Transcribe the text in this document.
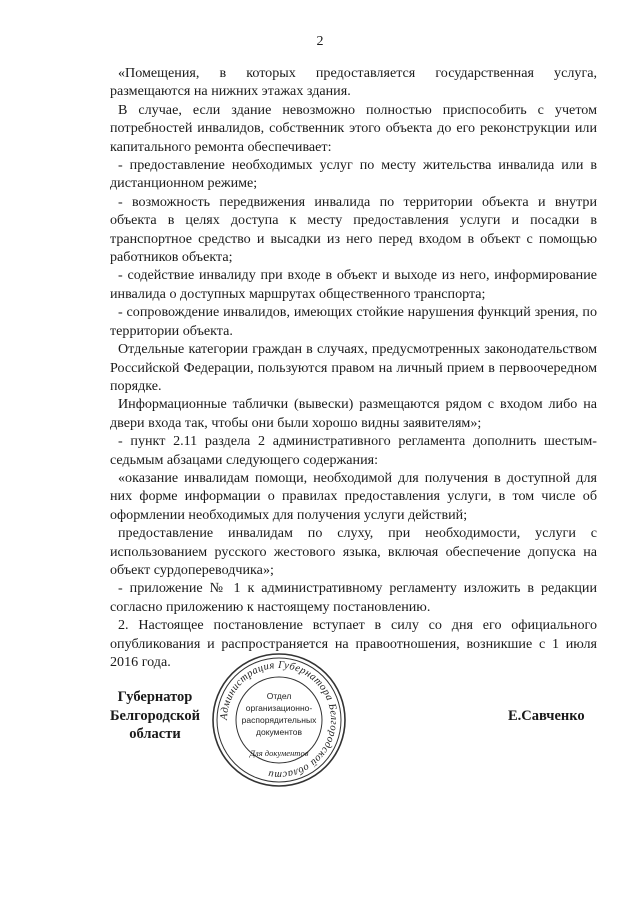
2

«Помещения, в которых предоставляется государственная услуга, размещаются на нижних этажах здания.

В случае, если здание невозможно полностью приспособить с учетом потребностей инвалидов, собственник этого объекта до его реконструкции или капитального ремонта обеспечивает:

- предоставление необходимых услуг по месту жительства инвалида или в дистанционном режиме;

- возможность передвижения инвалида по территории объекта и внутри объекта в целях доступа к месту предоставления услуги и посадки в транспортное средство и высадки из него перед входом в объект с помощью работников объекта;

- содействие инвалиду при входе в объект и выходе из него, информирование инвалида о доступных маршрутах общественного транспорта;

- сопровождение инвалидов, имеющих стойкие нарушения функций зрения, по территории объекта.

Отдельные категории граждан в случаях, предусмотренных законодательством Российской Федерации, пользуются правом на личный прием в первоочередном порядке.

Информационные таблички (вывески) размещаются рядом с входом либо на двери входа так, чтобы они были хорошо видны заявителям»;

- пункт 2.11 раздела 2 административного регламента дополнить шестым-седьмым абзацами следующего содержания:

«оказание инвалидам помощи, необходимой для получения в доступной для них форме информации о правилах предоставления услуги, в том числе об оформлении необходимых для получения услуги действий;

предоставление инвалидам по слуху, при необходимости, услуги с использованием русского жестового языка, включая обеспечение допуска на объект сурдопереводчика»;

- приложение № 1 к административному регламенту изложить в редакции согласно приложению к настоящему постановлению.

2. Настоящее постановление вступает в силу со дня его официального опубликования и распространяется на правоотношения, возникшие с 1 июля 2016 года.

Губернатор
Белгородской области
Е.Савченко
Администрация Губернатора Белгородской области
Отдел
организационно-
распорядительных
документов
Для документов
